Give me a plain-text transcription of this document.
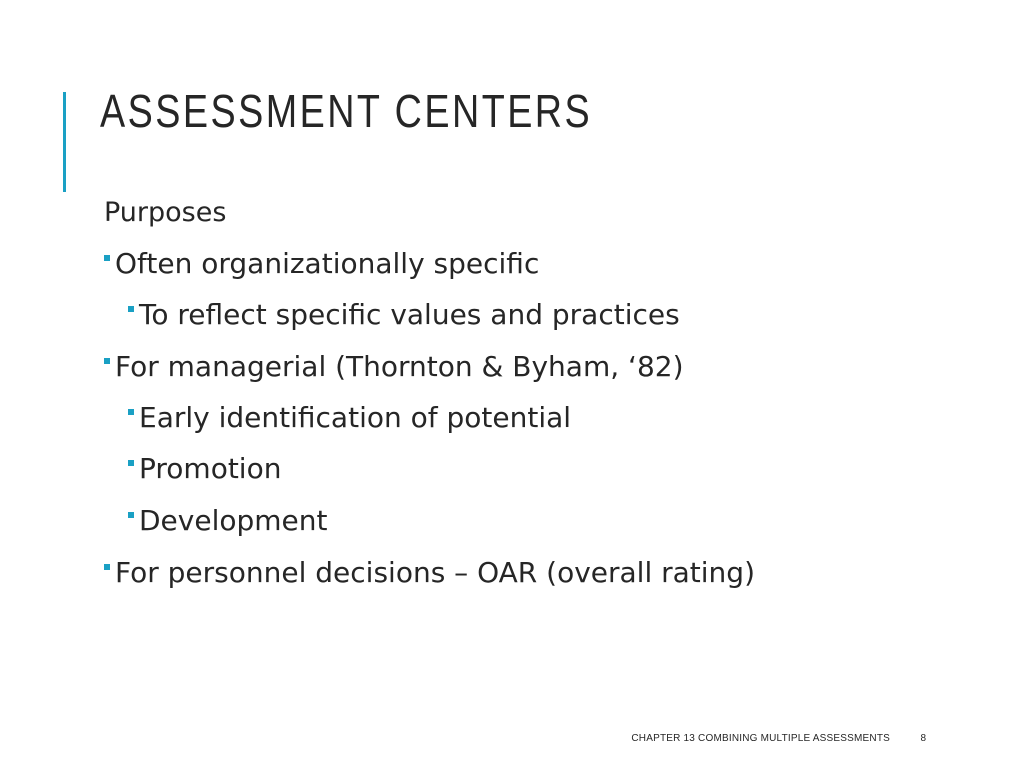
ASSESSMENT CENTERS
Purposes
Often organizationally specific
To reflect specific values and practices
For managerial (Thornton & Byham, ‘82)
Early identification of potential
Promotion
Development
For personnel decisions – OAR (overall rating)
CHAPTER 13 COMBINING MULTIPLE ASSESSMENTS	8
